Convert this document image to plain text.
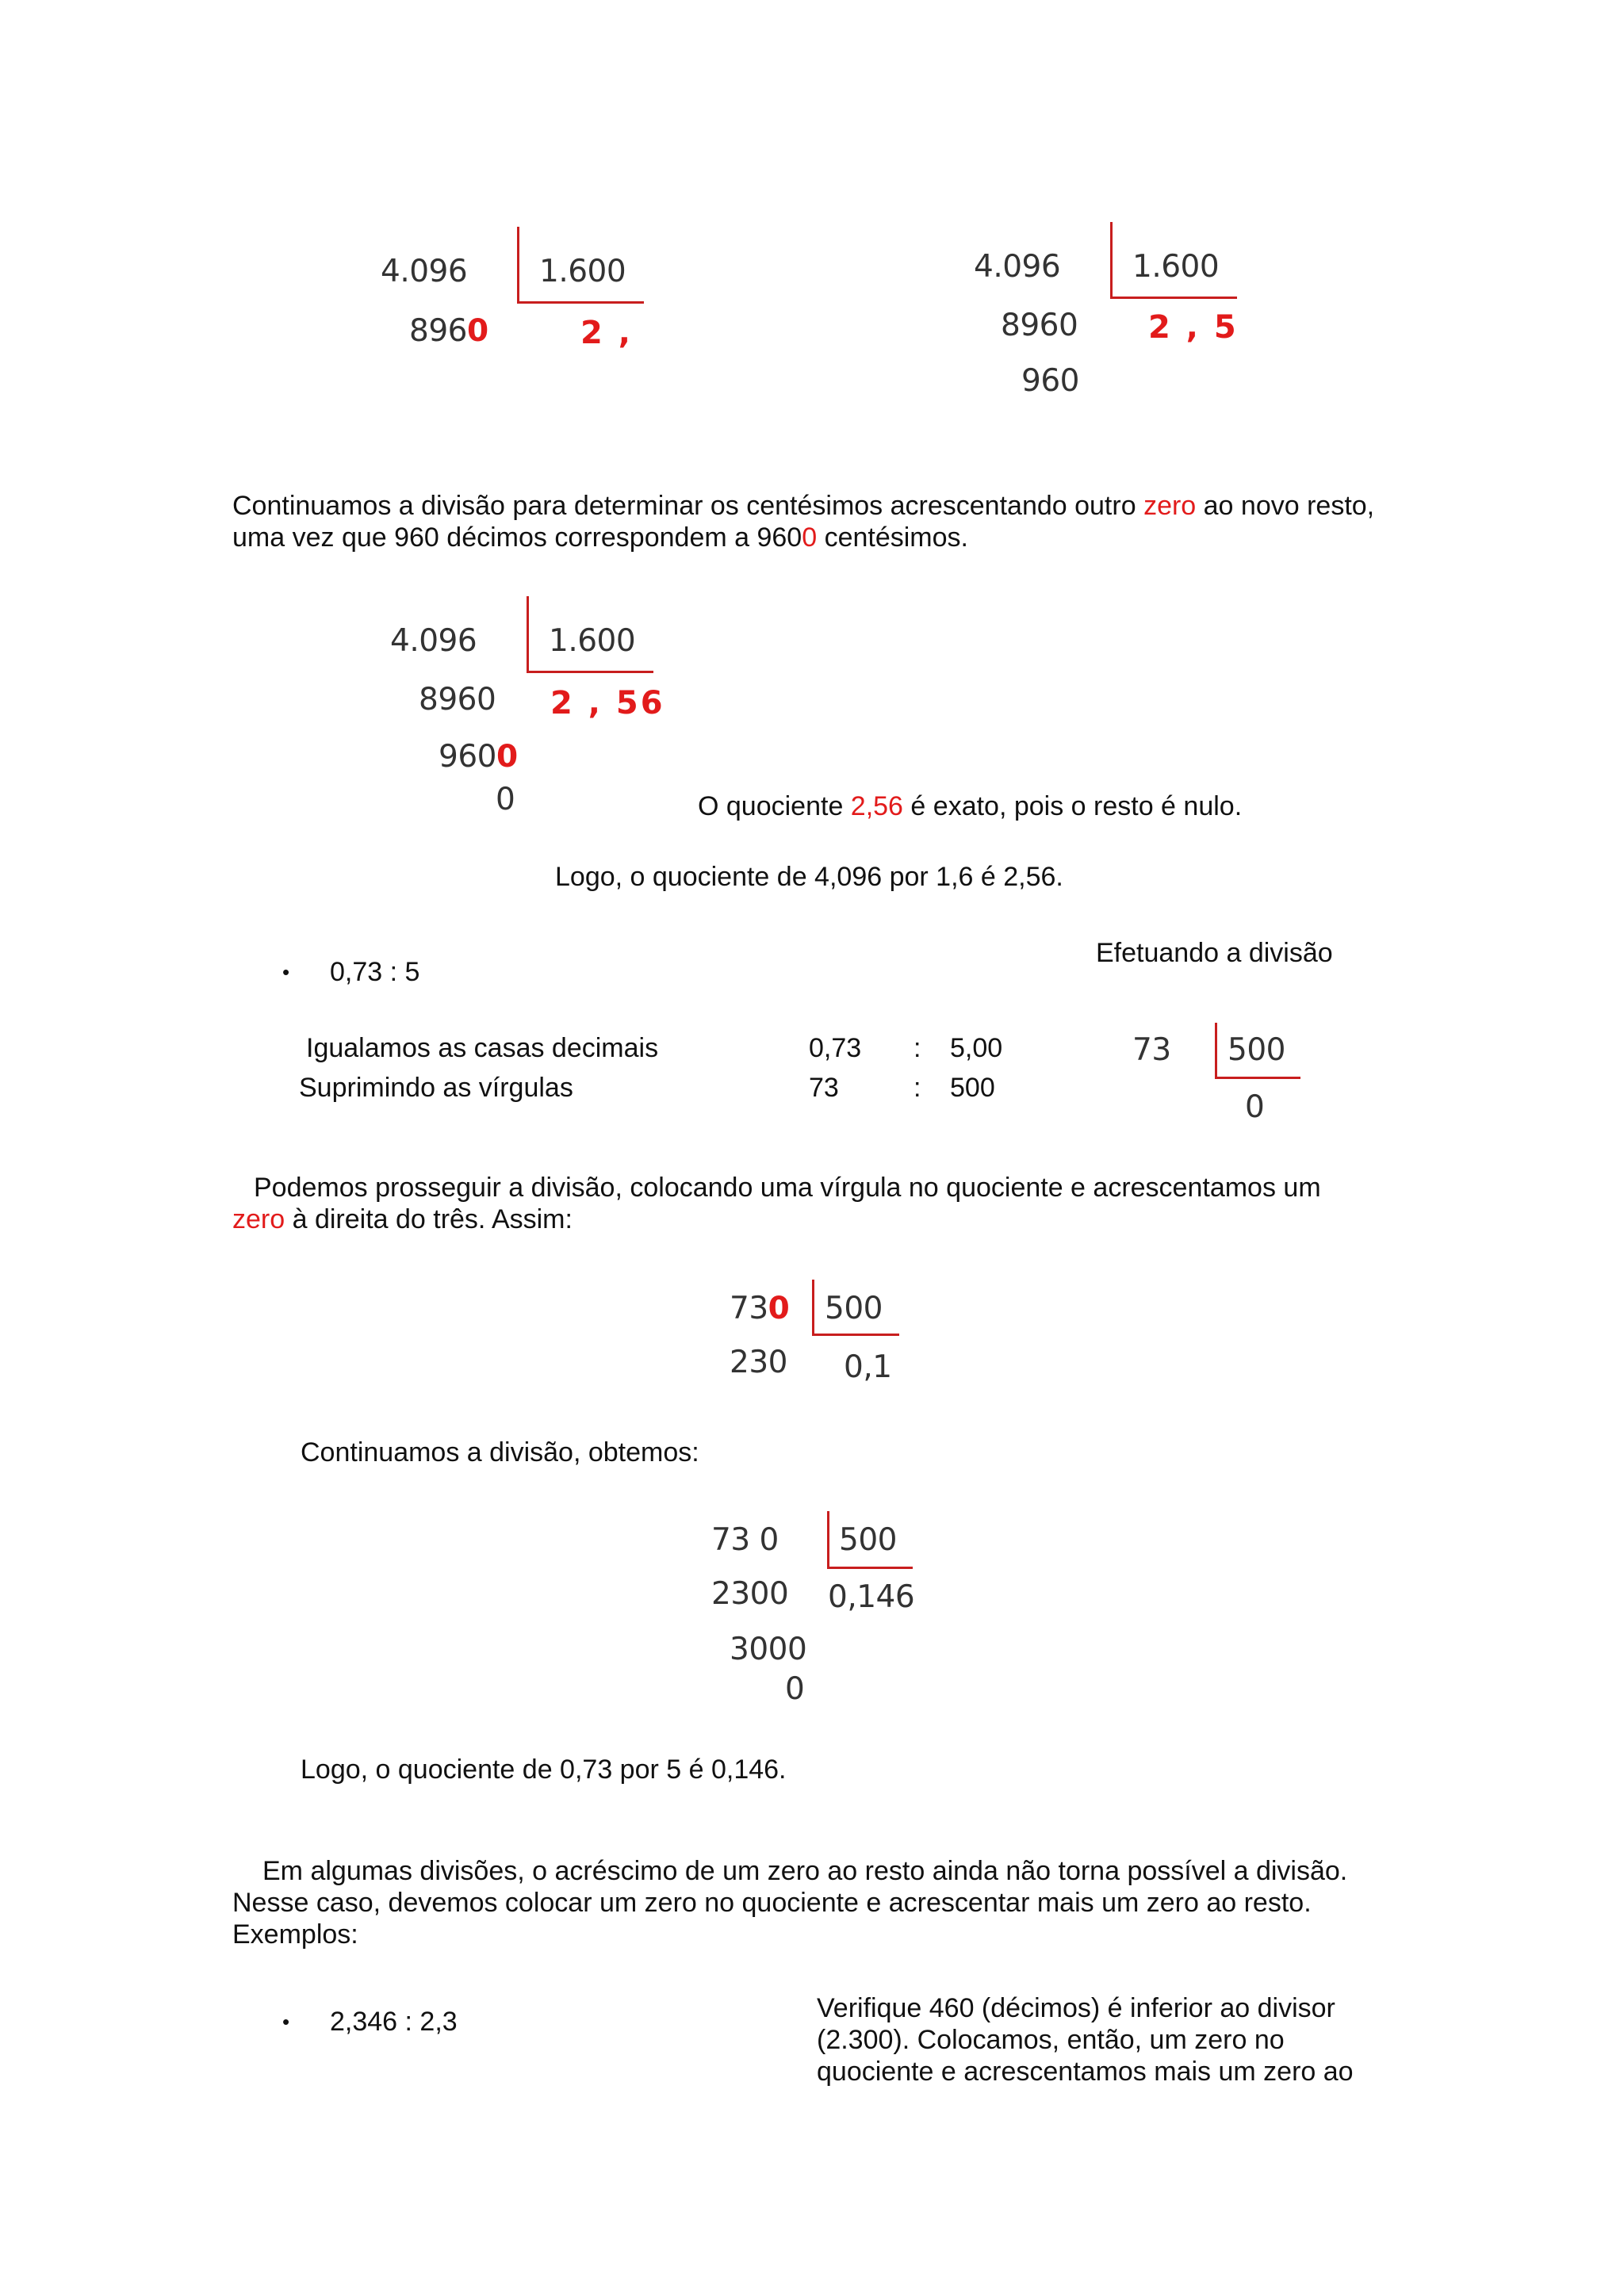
4.096 1.600
8960	2 ,
4.096 1.600
8960 2 , 5
960
Continuamos a divisão para determinar os centésimos acrescentando outro zero ao novo resto,
uma vez que 960 décimos correspondem a 9600 centésimos.
4.096 1.600
8960 2 , 56
9600
0	O quociente 2,56 é exato, pois o resto é nulo.
Logo, o quociente de 4,096 por 1,6 é 2,56.
• 0,73 : 5
Efetuando a divisão
Igualamos as casas decimais	0,73 : 5,00
Suprimindo as vírgulas	73	: 500
73 500
0
Podemos prosseguir a divisão, colocando uma vírgula no quociente e acrescentamos um
zero à direita do três. Assim:
730 500
230 0,1
Continuamos a divisão, obtemos:
73 0 500
2300 0,146
3000
0
Logo, o quociente de 0,73 por 5 é 0,146.
Em algumas divisões, o acréscimo de um zero ao resto ainda não torna possível a divisão.
Nesse caso, devemos colocar um zero no quociente e acrescentar mais um zero ao resto.
Exemplos:
• 2,346 : 2,3	Verifique 460 (décimos) é inferior ao divisor
(2.300). Colocamos, então, um zero no
quociente e acrescentamos mais um zero ao
